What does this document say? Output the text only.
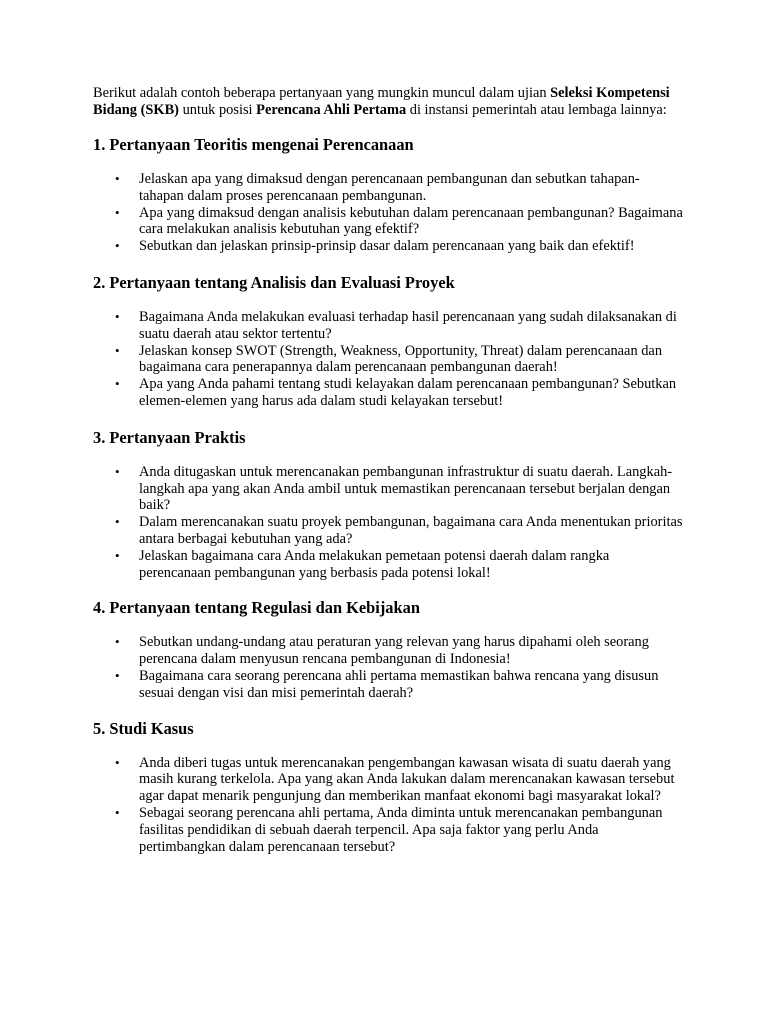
Berikut adalah contoh beberapa pertanyaan yang mungkin muncul dalam ujian Seleksi Kompetensi Bidang (SKB) untuk posisi Perencana Ahli Pertama di instansi pemerintah atau lembaga lainnya:

1. Pertanyaan Teoritis mengenai Perencanaan
• Jelaskan apa yang dimaksud dengan perencanaan pembangunan dan sebutkan tahapan-tahapan dalam proses perencanaan pembangunan.
• Apa yang dimaksud dengan analisis kebutuhan dalam perencanaan pembangunan? Bagaimana cara melakukan analisis kebutuhan yang efektif?
• Sebutkan dan jelaskan prinsip-prinsip dasar dalam perencanaan yang baik dan efektif!
2. Pertanyaan tentang Analisis dan Evaluasi Proyek
• Bagaimana Anda melakukan evaluasi terhadap hasil perencanaan yang sudah dilaksanakan di suatu daerah atau sektor tertentu?
• Jelaskan konsep SWOT (Strength, Weakness, Opportunity, Threat) dalam perencanaan dan bagaimana cara penerapannya dalam perencanaan pembangunan daerah!
• Apa yang Anda pahami tentang studi kelayakan dalam perencanaan pembangunan? Sebutkan elemen-elemen yang harus ada dalam studi kelayakan tersebut!
3. Pertanyaan Praktis
• Anda ditugaskan untuk merencanakan pembangunan infrastruktur di suatu daerah. Langkah-langkah apa yang akan Anda ambil untuk memastikan perencanaan tersebut berjalan dengan baik?
• Dalam merencanakan suatu proyek pembangunan, bagaimana cara Anda menentukan prioritas antara berbagai kebutuhan yang ada?
• Jelaskan bagaimana cara Anda melakukan pemetaan potensi daerah dalam rangka perencanaan pembangunan yang berbasis pada potensi lokal!
4. Pertanyaan tentang Regulasi dan Kebijakan
• Sebutkan undang-undang atau peraturan yang relevan yang harus dipahami oleh seorang perencana dalam menyusun rencana pembangunan di Indonesia!
• Bagaimana cara seorang perencana ahli pertama memastikan bahwa rencana yang disusun sesuai dengan visi dan misi pemerintah daerah?
5. Studi Kasus
• Anda diberi tugas untuk merencanakan pengembangan kawasan wisata di suatu daerah yang masih kurang terkelola. Apa yang akan Anda lakukan dalam merencanakan kawasan tersebut agar dapat menarik pengunjung dan memberikan manfaat ekonomi bagi masyarakat lokal?
• Sebagai seorang perencana ahli pertama, Anda diminta untuk merencanakan pembangunan fasilitas pendidikan di sebuah daerah terpencil. Apa saja faktor yang perlu Anda pertimbangkan dalam perencanaan tersebut?
